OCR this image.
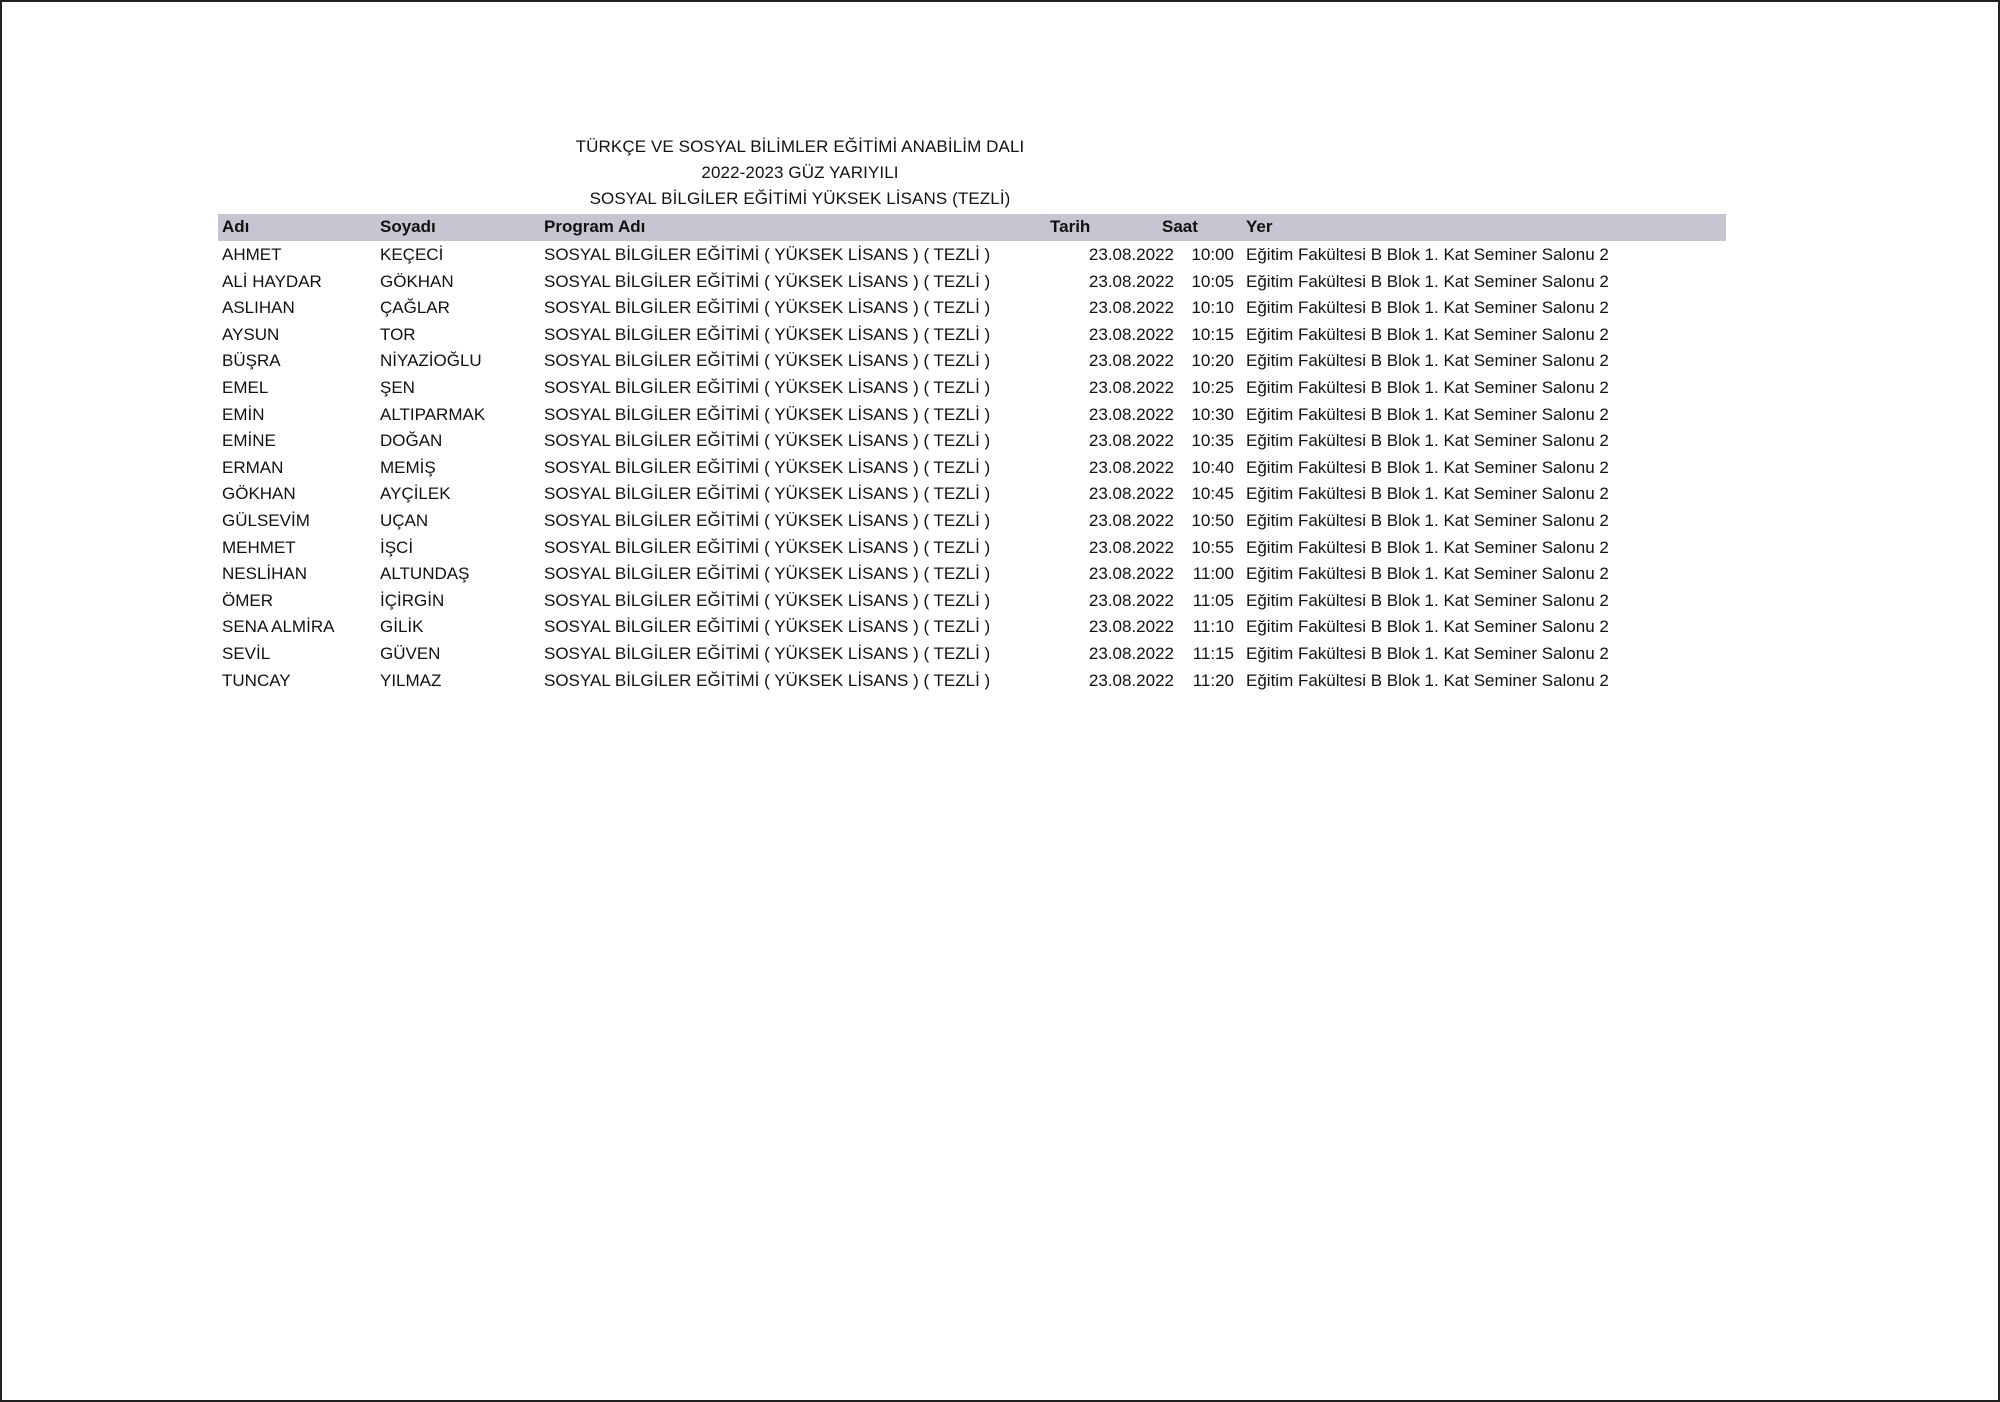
TÜRKÇE VE SOSYAL BİLİMLER EĞİTİMİ ANABİLİM DALI
2022-2023 GÜZ YARIYILI
SOSYAL BİLGİLER EĞİTİMİ YÜKSEK LİSANS (TEZLİ)
Adı	Soyadı	Program Adı	Tarih	Saat	Yer
AHMET	KEÇECİ	SOSYAL BİLGİLER EĞİTİMİ ( YÜKSEK LİSANS ) ( TEZLİ )	23.08.2022	10:00 Eğitim Fakültesi B Blok 1. Kat Seminer Salonu 2
ALİ HAYDAR	GÖKHAN	SOSYAL BİLGİLER EĞİTİMİ ( YÜKSEK LİSANS ) ( TEZLİ )	23.08.2022	10:05 Eğitim Fakültesi B Blok 1. Kat Seminer Salonu 2
ASLIHAN	ÇAĞLAR	SOSYAL BİLGİLER EĞİTİMİ ( YÜKSEK LİSANS ) ( TEZLİ )	23.08.2022	10:10 Eğitim Fakültesi B Blok 1. Kat Seminer Salonu 2
AYSUN	TOR	SOSYAL BİLGİLER EĞİTİMİ ( YÜKSEK LİSANS ) ( TEZLİ )	23.08.2022	10:15 Eğitim Fakültesi B Blok 1. Kat Seminer Salonu 2
BÜŞRA	NİYAZİOĞLU	SOSYAL BİLGİLER EĞİTİMİ ( YÜKSEK LİSANS ) ( TEZLİ )	23.08.2022	10:20 Eğitim Fakültesi B Blok 1. Kat Seminer Salonu 2
EMEL	ŞEN	SOSYAL BİLGİLER EĞİTİMİ ( YÜKSEK LİSANS ) ( TEZLİ )	23.08.2022	10:25 Eğitim Fakültesi B Blok 1. Kat Seminer Salonu 2
EMİN	ALTIPARMAK	SOSYAL BİLGİLER EĞİTİMİ ( YÜKSEK LİSANS ) ( TEZLİ )	23.08.2022	10:30 Eğitim Fakültesi B Blok 1. Kat Seminer Salonu 2
EMİNE	DOĞAN	SOSYAL BİLGİLER EĞİTİMİ ( YÜKSEK LİSANS ) ( TEZLİ )	23.08.2022	10:35 Eğitim Fakültesi B Blok 1. Kat Seminer Salonu 2
ERMAN	MEMİŞ	SOSYAL BİLGİLER EĞİTİMİ ( YÜKSEK LİSANS ) ( TEZLİ )	23.08.2022	10:40 Eğitim Fakültesi B Blok 1. Kat Seminer Salonu 2
GÖKHAN	AYÇİLEK	SOSYAL BİLGİLER EĞİTİMİ ( YÜKSEK LİSANS ) ( TEZLİ )	23.08.2022	10:45 Eğitim Fakültesi B Blok 1. Kat Seminer Salonu 2
GÜLSEVİM	UÇAN	SOSYAL BİLGİLER EĞİTİMİ ( YÜKSEK LİSANS ) ( TEZLİ )	23.08.2022	10:50 Eğitim Fakültesi B Blok 1. Kat Seminer Salonu 2
MEHMET	İŞCİ	SOSYAL BİLGİLER EĞİTİMİ ( YÜKSEK LİSANS ) ( TEZLİ )	23.08.2022	10:55 Eğitim Fakültesi B Blok 1. Kat Seminer Salonu 2
NESLİHAN	ALTUNDAŞ	SOSYAL BİLGİLER EĞİTİMİ ( YÜKSEK LİSANS ) ( TEZLİ )	23.08.2022	11:00 Eğitim Fakültesi B Blok 1. Kat Seminer Salonu 2
ÖMER	İÇİRGİN	SOSYAL BİLGİLER EĞİTİMİ ( YÜKSEK LİSANS ) ( TEZLİ )	23.08.2022	11:05 Eğitim Fakültesi B Blok 1. Kat Seminer Salonu 2
SENA ALMİRA	GİLİK	SOSYAL BİLGİLER EĞİTİMİ ( YÜKSEK LİSANS ) ( TEZLİ )	23.08.2022	11:10 Eğitim Fakültesi B Blok 1. Kat Seminer Salonu 2
SEVİL	GÜVEN	SOSYAL BİLGİLER EĞİTİMİ ( YÜKSEK LİSANS ) ( TEZLİ )	23.08.2022	11:15 Eğitim Fakültesi B Blok 1. Kat Seminer Salonu 2
TUNCAY	YILMAZ	SOSYAL BİLGİLER EĞİTİMİ ( YÜKSEK LİSANS ) ( TEZLİ )	23.08.2022	11:20 Eğitim Fakültesi B Blok 1. Kat Seminer Salonu 2
